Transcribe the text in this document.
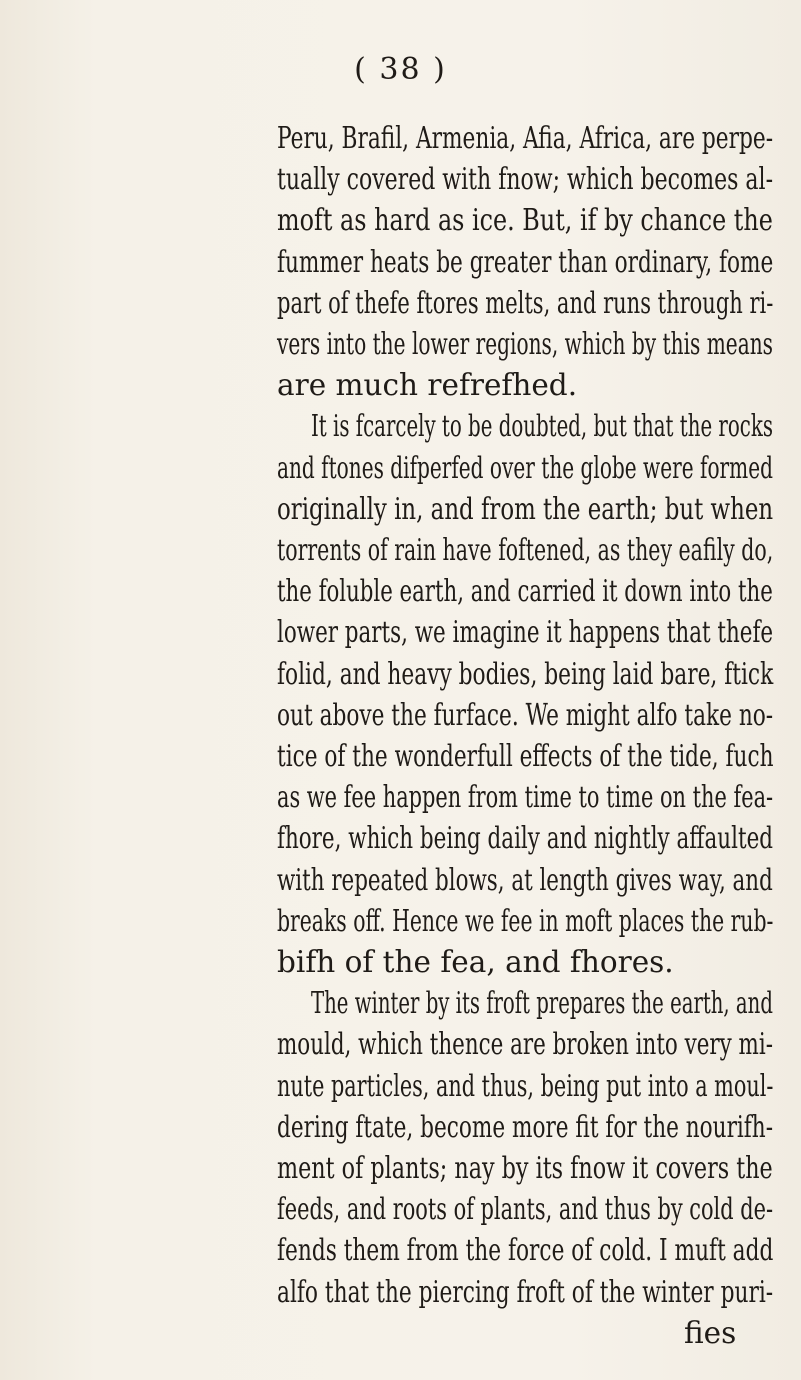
( 38 )
Peru, Brafil, Armenia, Afia, Africa, are perpe-
tually covered with fnow; which becomes al-
moft as hard as ice. But, if by chance the
fummer heats be greater than ordinary, fome
part of thefe ftores melts, and runs through ri-
vers into the lower regions, which by this means
are much refrefhed.
It is fcarcely to be doubted, but that the rocks
and ftones difperfed over the globe were formed
originally in, and from the earth; but when
torrents of rain have foftened, as they eafily do,
the foluble earth, and carried it down into the
lower parts, we imagine it happens that thefe
folid, and heavy bodies, being laid bare, ftick
out above the furface. We might alfo take no-
tice of the wonderfull effects of the tide, fuch
as we fee happen from time to time on the fea-
fhore, which being daily and nightly affaulted
with repeated blows, at length gives way, and
breaks off. Hence we fee in moft places the rub-
bifh of the fea, and fhores.
The winter by its froft prepares the earth, and
mould, which thence are broken into very mi-
nute particles, and thus, being put into a moul-
dering ftate, become more fit for the nourifh-
ment of plants; nay by its fnow it covers the
feeds, and roots of plants, and thus by cold de-
fends them from the force of cold. I muft add
alfo that the piercing froft of the winter puri-
fies
